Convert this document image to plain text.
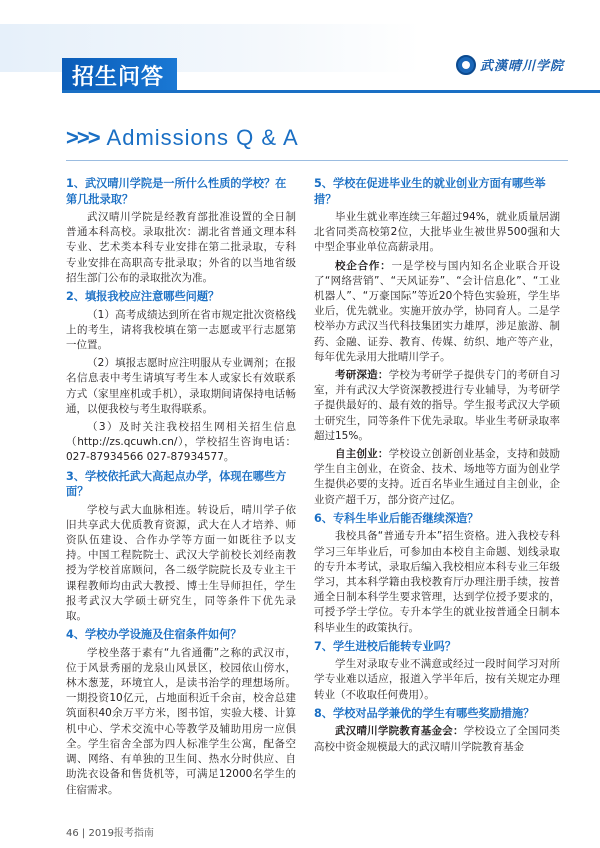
招生问答	武漢晴川学院
>>> Admissions Q & A
1、武汉晴川学院是一所什么性质的学校？在第几批录取？
武汉晴川学院是经教育部批准设置的全日制普通本科高校。录取批次：湖北省普通文理本科专业、艺术类本科专业安排在第二批录取，专科专业安排在高职高专批录取；外省的以当地省级招生部门公布的录取批次为准。
2、填报我校应注意哪些问题？
（1）高考成绩达到所在省市规定批次资格线上的考生，请将我校填在第一志愿或平行志愿第一位置。
（2）填报志愿时应注明服从专业调剂；在报名信息表中考生请填写考生本人或家长有效联系方式（家里座机或手机），录取期间请保持电话畅通，以便我校与考生取得联系。
（3）及时关注我校招生网相关招生信息（http://zs.qcuwh.cn/），学校招生咨询电话：027-87934566 027-87934577。
3、学校依托武大高起点办学，体现在哪些方面？
学校与武大血脉相连。转设后，晴川学子依旧共享武大优质教育资源，武大在人才培养、师资队伍建设、合作办学等方面一如既往予以支持。中国工程院院士、武汉大学前校长刘经南教授为学校首席顾问，各二级学院院长及专业主干课程教师均由武大教授、博士生导师担任，学生报考武汉大学硕士研究生，同等条件下优先录取。
4、学校办学设施及住宿条件如何？
学校坐落于素有“九省通衢”之称的武汉市，位于风景秀丽的龙泉山风景区，校园依山傍水，林木葱茏，环境宜人，是读书治学的理想场所。一期投资10亿元，占地面积近千余亩，校舍总建筑面积40余万平方米，图书馆，实验大楼、计算机中心、学术交流中心等教学及辅助用房一应俱全。学生宿舍全部为四人标准学生公寓，配备空调、网络、有单独的卫生间、热水分时供应、自助洗衣设备和售货机等，可满足12000名学生的住宿需求。
5、学校在促进毕业生的就业创业方面有哪些举措？
毕业生就业率连续三年超过94%，就业质量居湖北省同类高校第2位，大批毕业生被世界500强和大中型企事业单位高薪录用。
校企合作：一是学校与国内知名企业联合开设了“网络营销”、“天风证券”、“会计信息化”、“工业机器人”、“万豪国际”等近20个特色实验班，学生毕业后，优先就业。实施开放办学，协同育人。二是学校举办方武汉当代科技集团实力雄厚，涉足旅游、制药、金融、证券、教育、传媒、纺织、地产等产业，每年优先录用大批晴川学子。
考研深造：学校为考研学子提供专门的考研自习室，并有武汉大学资深教授进行专业辅导，为考研学子提供最好的、最有效的指导。学生报考武汉大学硕士研究生，同等条件下优先录取。毕业生考研录取率超过15%。
自主创业：学校设立创新创业基金，支持和鼓励学生自主创业，在资金、技术、场地等方面为创业学生提供必要的支持。近百名毕业生通过自主创业，企业资产超千万，部分资产过亿。
6、专科生毕业后能否继续深造？
我校具备“普通专升本”招生资格。进入我校专科学习三年毕业后，可参加由本校自主命题、划线录取的专升本考试，录取后编入我校相应本科专业三年级学习，其本科学籍由我校教育厅办理注册手续，按普通全日制本科学生要求管理，达到学位授予要求的，可授予学士学位。专升本学生的就业按普通全日制本科毕业生的政策执行。
7、学生进校后能转专业吗？
学生对录取专业不满意或经过一段时间学习对所学专业难以适应，报道入学半年后，按有关规定办理转业（不收取任何费用）。
8、学校对品学兼优的学生有哪些奖励措施？
武汉晴川学院教育基金会：学校设立了全国同类高校中资金规模最大的武汉晴川学院教育基金
46 | 2019报考指南
